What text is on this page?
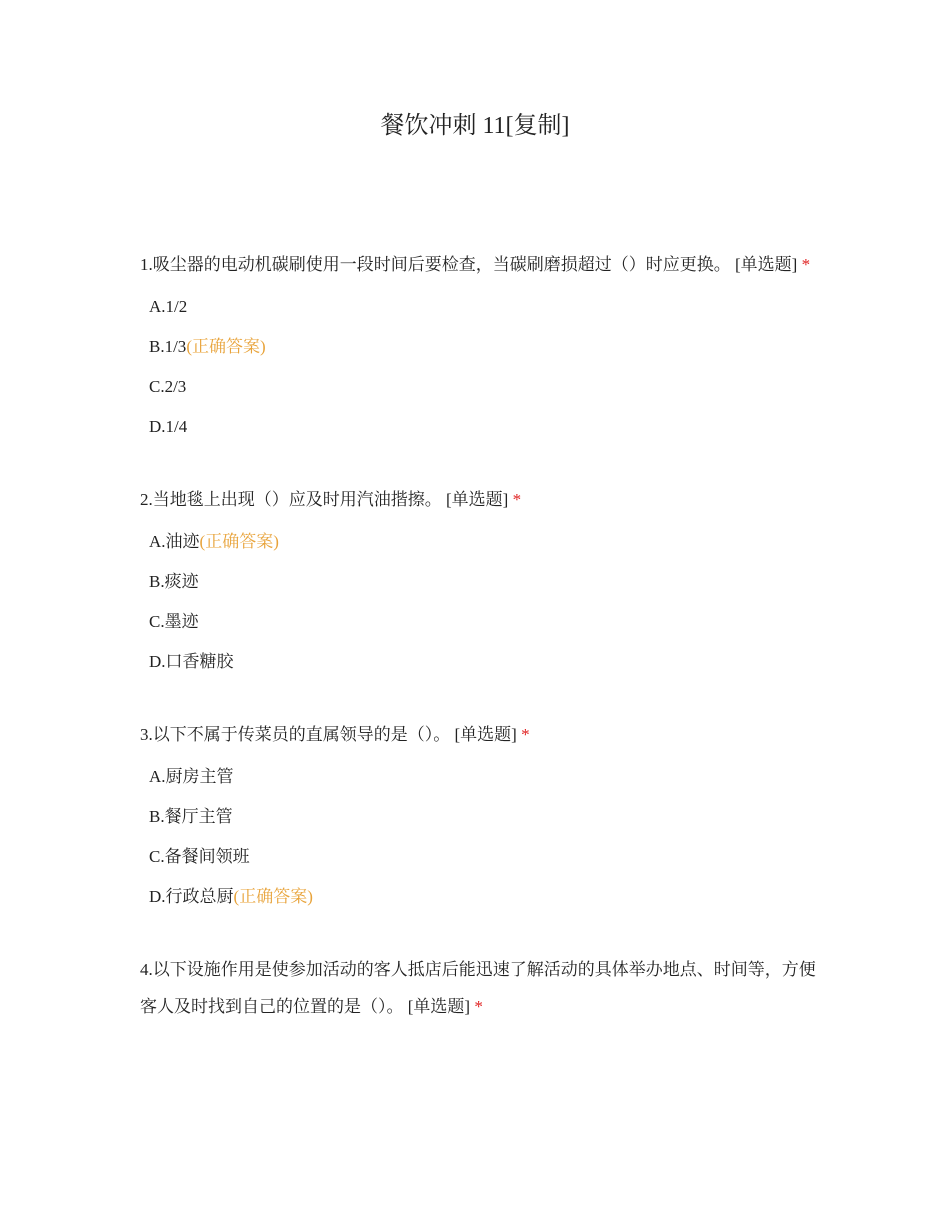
餐饮冲刺 11[复制]
1.吸尘器的电动机碳刷使用一段时间后要检查，当碳刷磨损超过（）时应更换。 [单选题] *
A.1/2
B.1/3(正确答案)
C.2/3
D.1/4
2.当地毯上出现（）应及时用汽油揩擦。 [单选题] *
A.油迹(正确答案)
B.痰迹
C.墨迹
D.口香糖胶
3.以下不属于传菜员的直属领导的是（）。 [单选题] *
A.厨房主管
B.餐厅主管
C.备餐间领班
D.行政总厨(正确答案)
4.以下设施作用是使参加活动的客人抵店后能迅速了解活动的具体举办地点、时间等，方便客人及时找到自己的位置的是（）。 [单选题] *
